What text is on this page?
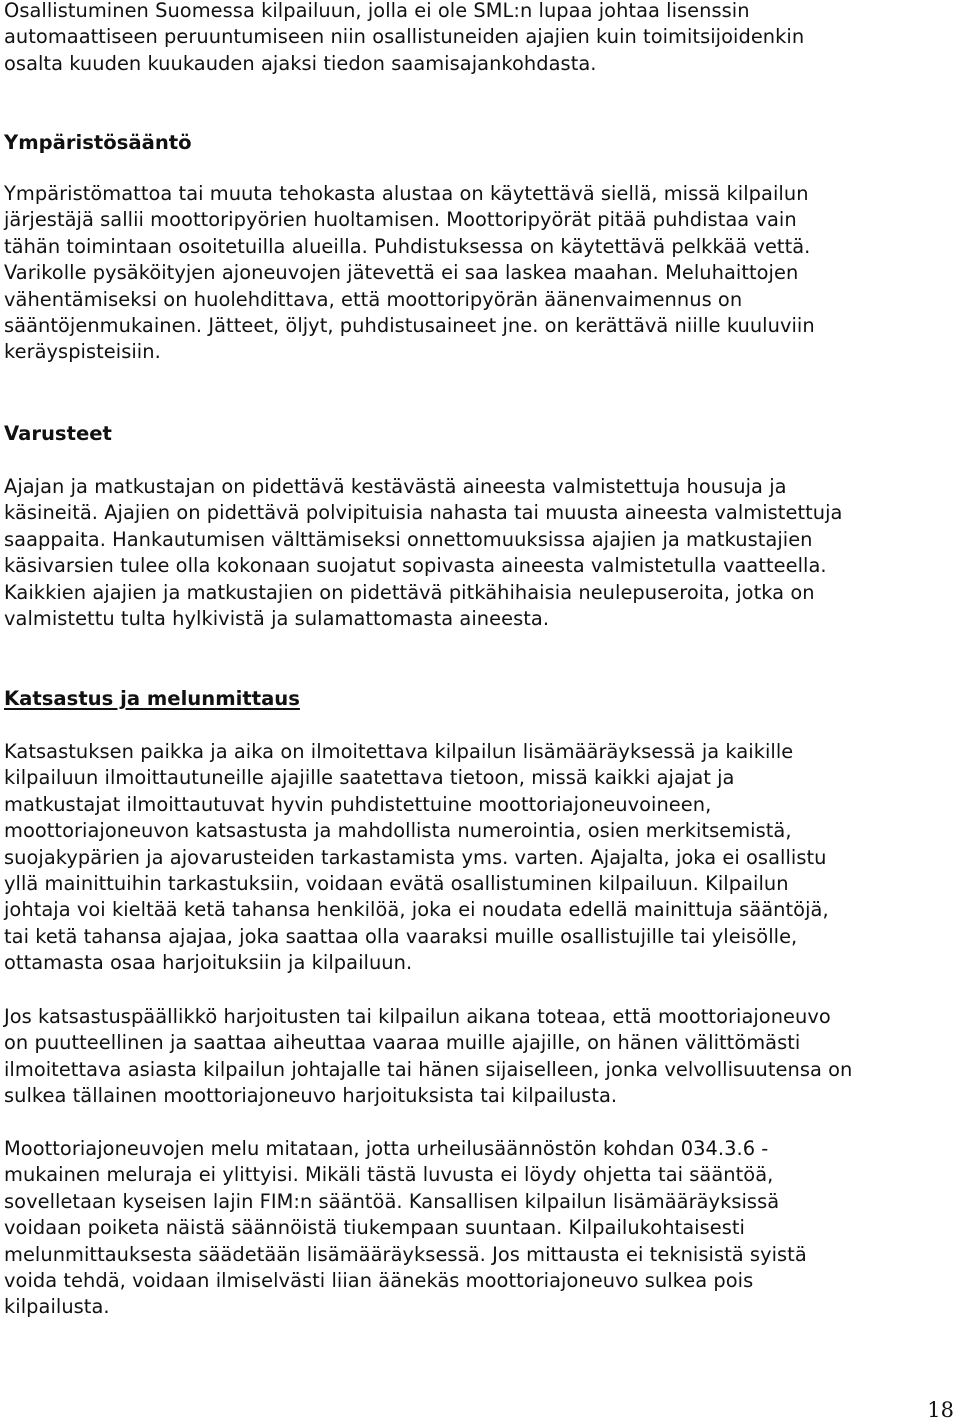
Osallistuminen Suomessa kilpailuun, jolla ei ole SML:n lupaa johtaa lisenssin
automaattiseen peruuntumiseen niin osallistuneiden ajajien kuin toimitsijoidenkin
osalta kuuden kuukauden ajaksi tiedon saamisajankohdasta.
Ympäristösääntö
Ympäristömattoa tai muuta tehokasta alustaa on käytettävä siellä, missä kilpailun
järjestäjä sallii moottoripyörien huoltamisen. Moottoripyörät pitää puhdistaa vain
tähän toimintaan osoitetuilla alueilla. Puhdistuksessa on käytettävä pelkkää vettä.
Varikolle pysäköityjen ajoneuvojen jätevettä ei saa laskea maahan. Meluhaittojen
vähentämiseksi on huolehdittava, että moottoripyörän äänenvaimennus on
sääntöjenmukainen. Jätteet, öljyt, puhdistusaineet jne. on kerättävä niille kuuluviin
keräyspisteisiin.
Varusteet
Ajajan ja matkustajan on pidettävä kestävästä aineesta valmistettuja housuja ja
käsineitä. Ajajien on pidettävä polvipituisia nahasta tai muusta aineesta valmistettuja
saappaita. Hankautumisen välttämiseksi onnettomuuksissa ajajien ja matkustajien
käsivarsien tulee olla kokonaan suojatut sopivasta aineesta valmistetulla vaatteella.
Kaikkien ajajien ja matkustajien on pidettävä pitkähihaisia neulepuseroita, jotka on
valmistettu tulta hylkivistä ja sulamattomasta aineesta.
Katsastus ja melunmittaus
Katsastuksen paikka ja aika on ilmoitettava kilpailun lisämääräyksessä ja kaikille
kilpailuun ilmoittautuneille ajajille saatettava tietoon, missä kaikki ajajat ja
matkustajat ilmoittautuvat hyvin puhdistettuine moottoriajoneuvoineen,
moottoriajoneuvon katsastusta ja mahdollista numerointia, osien merkitsemistä,
suojakypärien ja ajovarusteiden tarkastamista yms. varten. Ajajalta, joka ei osallistu
yllä mainittuihin tarkastuksiin, voidaan evätä osallistuminen kilpailuun. Kilpailun
johtaja voi kieltää ketä tahansa henkilöä, joka ei noudata edellä mainittuja sääntöjä,
tai ketä tahansa ajajaa, joka saattaa olla vaaraksi muille osallistujille tai yleisölle,
ottamasta osaa harjoituksiin ja kilpailuun.
Jos katsastuspäällikkö harjoitusten tai kilpailun aikana toteaa, että moottoriajoneuvo
on puutteellinen ja saattaa aiheuttaa vaaraa muille ajajille, on hänen välittömästi
ilmoitettava asiasta kilpailun johtajalle tai hänen sijaiselleen, jonka velvollisuutensa on
sulkea tällainen moottoriajoneuvo harjoituksista tai kilpailusta.
Moottoriajoneuvojen melu mitataan, jotta urheilusäännöstön kohdan 034.3.6 -
mukainen meluraja ei ylittyisi. Mikäli tästä luvusta ei löydy ohjetta tai sääntöä,
sovelletaan kyseisen lajin FIM:n sääntöä. Kansallisen kilpailun lisämääräyksissä
voidaan poiketa näistä säännöistä tiukempaan suuntaan. Kilpailukohtaisesti
melunmittauksesta säädetään lisämääräyksessä. Jos mittausta ei teknisistä syistä
voida tehdä, voidaan ilmiselvästi liian äänekäs moottoriajoneuvo sulkea pois
kilpailusta.
18
